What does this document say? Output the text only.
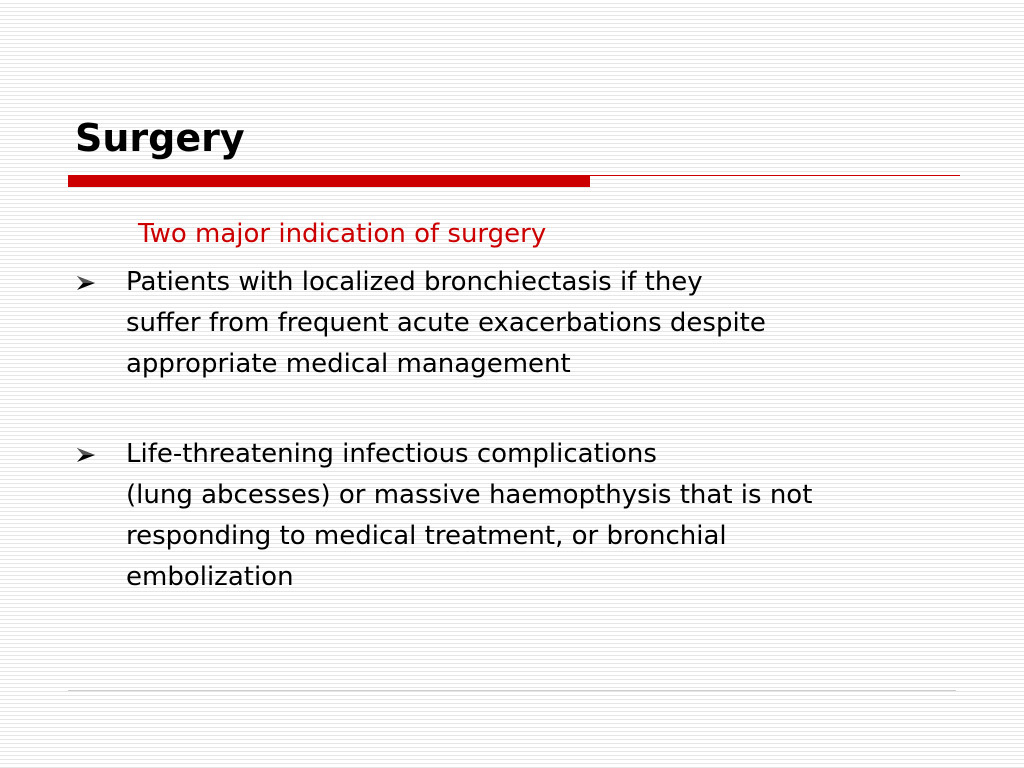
Surgery

Two major indication of surgery

Patients with localized bronchiectasis if they
suffer from frequent acute exacerbations despite
appropriate medical management
Life-threatening infectious complications
(lung abcesses) or massive haemopthysis that is not
responding to medical treatment, or bronchial
embolization
